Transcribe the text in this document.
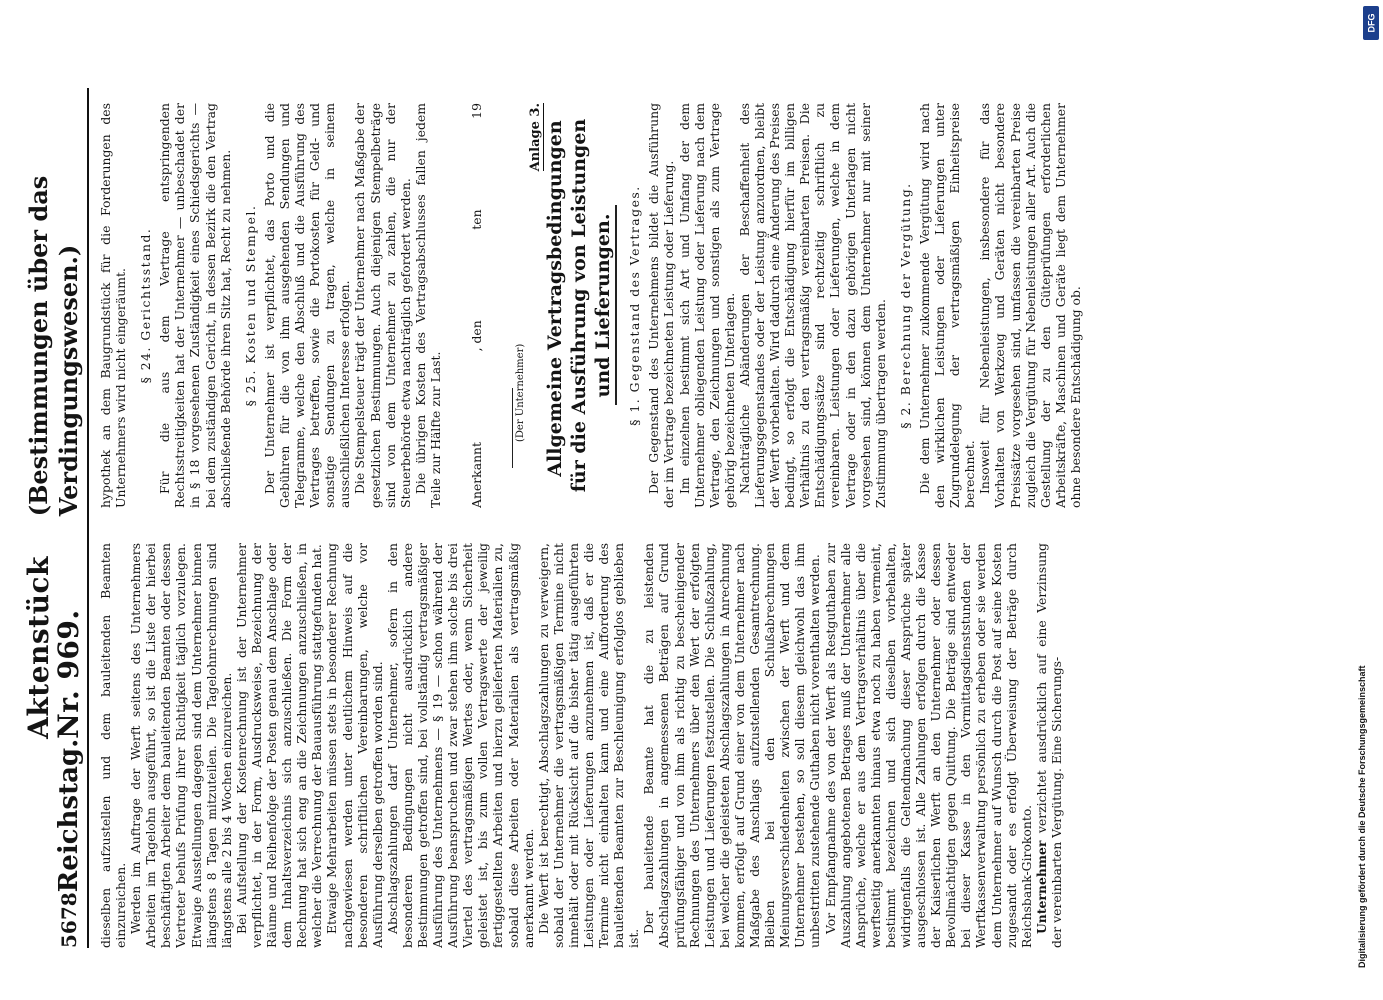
5678
Reichstag.
Aktenstück Nr. 969.
(Bestimmungen über das Verdingungswesen.)

dieselben aufzustellen und dem bauleitenden Beamten einzureichen. Werden im Auftrage der Werft seitens des Unternehmers Arbeiten im Tagelohn ausgeführt, so ist die Liste der hierbei beschäftigten Arbeiter dem bauleitenden Beamten oder dessen Vertreter behufs Prüfung ihrer Richtigkeit täglich vorzulegen. Etwaige Ausstellungen dagegen sind dem Unternehmer binnen längstens 8 Tagen mitzuteilen. Die Tagelohnrechnungen sind längstens alle 2 bis 4 Wochen einzureichen. Bei Aufstellung der Kostenrechnung ist der Unternehmer verpflichtet, in der Form, Ausdrucksweise, Bezeichnung der Räume und Reihenfolge der Posten genau dem Anschlage oder dem Inhaltsverzeichnis sich anzuschließen. Die Form der Rechnung hat sich eng an die Zeichnungen anzuschließen, in welcher die Verrechnung der Bauausführung stattgefunden hat. Etwaige Mehrarbeiten müssen stets in besonderer Rechnung nachgewiesen werden unter deutlichem Hinweis auf die besonderen schriftlichen Vereinbarungen, welche vor Ausführung derselben getroffen worden sind. Abschlagszahlungen darf Unternehmer, sofern in den besonderen Bedingungen nicht ausdrücklich andere Bestimmungen getroffen sind, bei vollständig vertragsmäßiger Ausführung des Unternehmens — § 19 — schon während der Ausführung beanspruchen und zwar stehen ihm solche bis drei Viertel des vertragsmäßigen Wertes oder, wenn Sicherheit geleistet ist, bis zum vollen Vertragswerte der jeweilig fertiggestellten Arbeiten und hierzu gelieferten Materialien zu, sobald diese Arbeiten oder Materialien als vertragsmäßig anerkannt werden. Die Werft ist berechtigt, Abschlagszahlungen zu verweigern, sobald der Unternehmer die vertragsmäßigen Termine nicht innehält oder mit Rücksicht auf die bisher tätig ausgeführten Leistungen oder Lieferungen anzunehmen ist, daß er die Termine nicht einhalten kann und eine Aufforderung des bauleitenden Beamten zur Beschleunigung erfolglos geblieben ist.

Der bauleitende Beamte hat die zu leistenden Abschlagszahlungen in angemessenen Beträgen auf Grund prüfungsfähiger und von ihm als richtig zu bescheinigender Rechnungen des Unternehmers über den Wert der erfolgten Leistungen und Lieferungen festzustellen. Die Schlußzahlung, bei welcher die geleisteten Abschlagszahlungen in Anrechnung kommen, erfolgt auf Grund einer von dem Unternehmer nach Maßgabe des Anschlags aufzustellenden Gesamtrechnung. Bleiben bei den Schlußabrechnungen Meinungsverschiedenheiten zwischen der Werft und dem Unternehmer bestehen, so soll diesem gleichwohl das ihm unbestritten zustehende Guthaben nicht vorenthalten werden. Vor Empfangnahme des von der Werft als Restguthaben zur Auszahlung angebotenen Betrages muß der Unternehmer alle Ansprüche, welche er aus dem Vertragsverhältnis über die werftseitig anerkannten hinaus etwa noch zu haben vermeint, bestimmt bezeichnen und sich dieselben vorbehalten, widrigenfalls die Geltendmachung dieser Ansprüche später ausgeschlossen ist. Alle Zahlungen erfolgen durch die Kasse der Kaiserlichen Werft an den Unternehmer oder dessen Bevollmächtigten gegen Quittung. Die Beträge sind entweder bei dieser Kasse in den Vormittagsdienststunden der Werftkassenverwaltung persönlich zu erheben oder sie werden dem Unternehmer auf Wunsch durch die Post auf seine Kosten zugesandt oder es erfolgt Überweisung der Beträge durch Reichsbank-Girokonto. Unternehmer verzichtet ausdrücklich auf eine Verzinsung der vereinbarten Vergütung. Eine Sicherungs-

hypothek an dem Baugrundstück für die Forderungen des Unternehmers wird nicht eingeräumt. § 24. Gerichtsstand. Für die aus dem Vertrage entspringenden Rechtsstreitigkeiten hat der Unternehmer — unbeschadet der in § 18 vorgesehenen Zuständigkeit eines Schiedsgerichts — bei dem zuständigen Gericht, in dessen Bezirk die den Vertrag abschließende Behörde ihren Sitz hat, Recht zu nehmen. § 25. Kosten und Stempel. Der Unternehmer ist verpflichtet, das Porto und die Gebühren für die von ihm ausgehenden Sendungen und Telegramme, welche den Abschluß und die Ausführung des Vertrages betreffen, sowie die Portokosten für Geld- und sonstige Sendungen zu tragen, welche in seinem ausschließlichen Interesse erfolgen. Die Stempelsteuer trägt der Unternehmer nach Maßgabe der gesetzlichen Bestimmungen. Auch diejenigen Stempelbeträge sind von dem Unternehmer zu zahlen, die nur der Steuerbehörde etwa nachträglich gefordert werden. Die übrigen Kosten des Vertragsabschlusses fallen jedem Teile zur Hälfte zur Last. Anerkannt
, den
ten
19

(Der Unternehmer)

Anlage 3. Allgemeine Vertragsbedingungen für die Ausführung von Leistungen und Lieferungen. § 1. Gegenstand des Vertrages. Der Gegenstand des Unternehmens bildet die Ausführung der im Vertrage bezeichneten Leistung oder Lieferung. Im einzelnen bestimmt sich Art und Umfang der dem Unternehmer obliegenden Leistung oder Lieferung nach dem Vertrage, den Zeichnungen und sonstigen als zum Vertrage gehörig bezeichneten Unterlagen. Nachträgliche Abänderungen der Beschaffenheit des Lieferungsgegenstandes oder der Leistung anzuordnen, bleibt der Werft vorbehalten. Wird dadurch eine Änderung des Preises bedingt, so erfolgt die Entschädigung hierfür im billigen Verhältnis zu den vertragsmäßig vereinbarten Preisen. Die Entschädigungssätze sind rechtzeitig schriftlich zu vereinbaren. Leistungen oder Lieferungen, welche in dem Vertrage oder in den dazu gehörigen Unterlagen nicht vorgesehen sind, können dem Unternehmer nur mit seiner Zustimmung übertragen werden. § 2. Berechnung der Vergütung. Die dem Unternehmer zukommende Vergütung wird nach den wirklichen Leistungen oder Lieferungen unter Zugrundelegung der vertragsmäßigen Einheitspreise berechnet. Insoweit für Nebenleistungen, insbesondere für das Vorhalten von Werkzeug und Geräten nicht besondere Preissätze vorgesehen sind, umfassen die vereinbarten Preise zugleich die Vergütung für Nebenleistungen aller Art. Auch die Gestellung der zu den Güteprüfungen erforderlichen Arbeitskräfte, Maschinen und Geräte liegt dem Unternehmer ohne besondere Entschädigung ob.

Digitalisierung gefördert durch die Deutsche Forschungsgemeinschaft
DFG
